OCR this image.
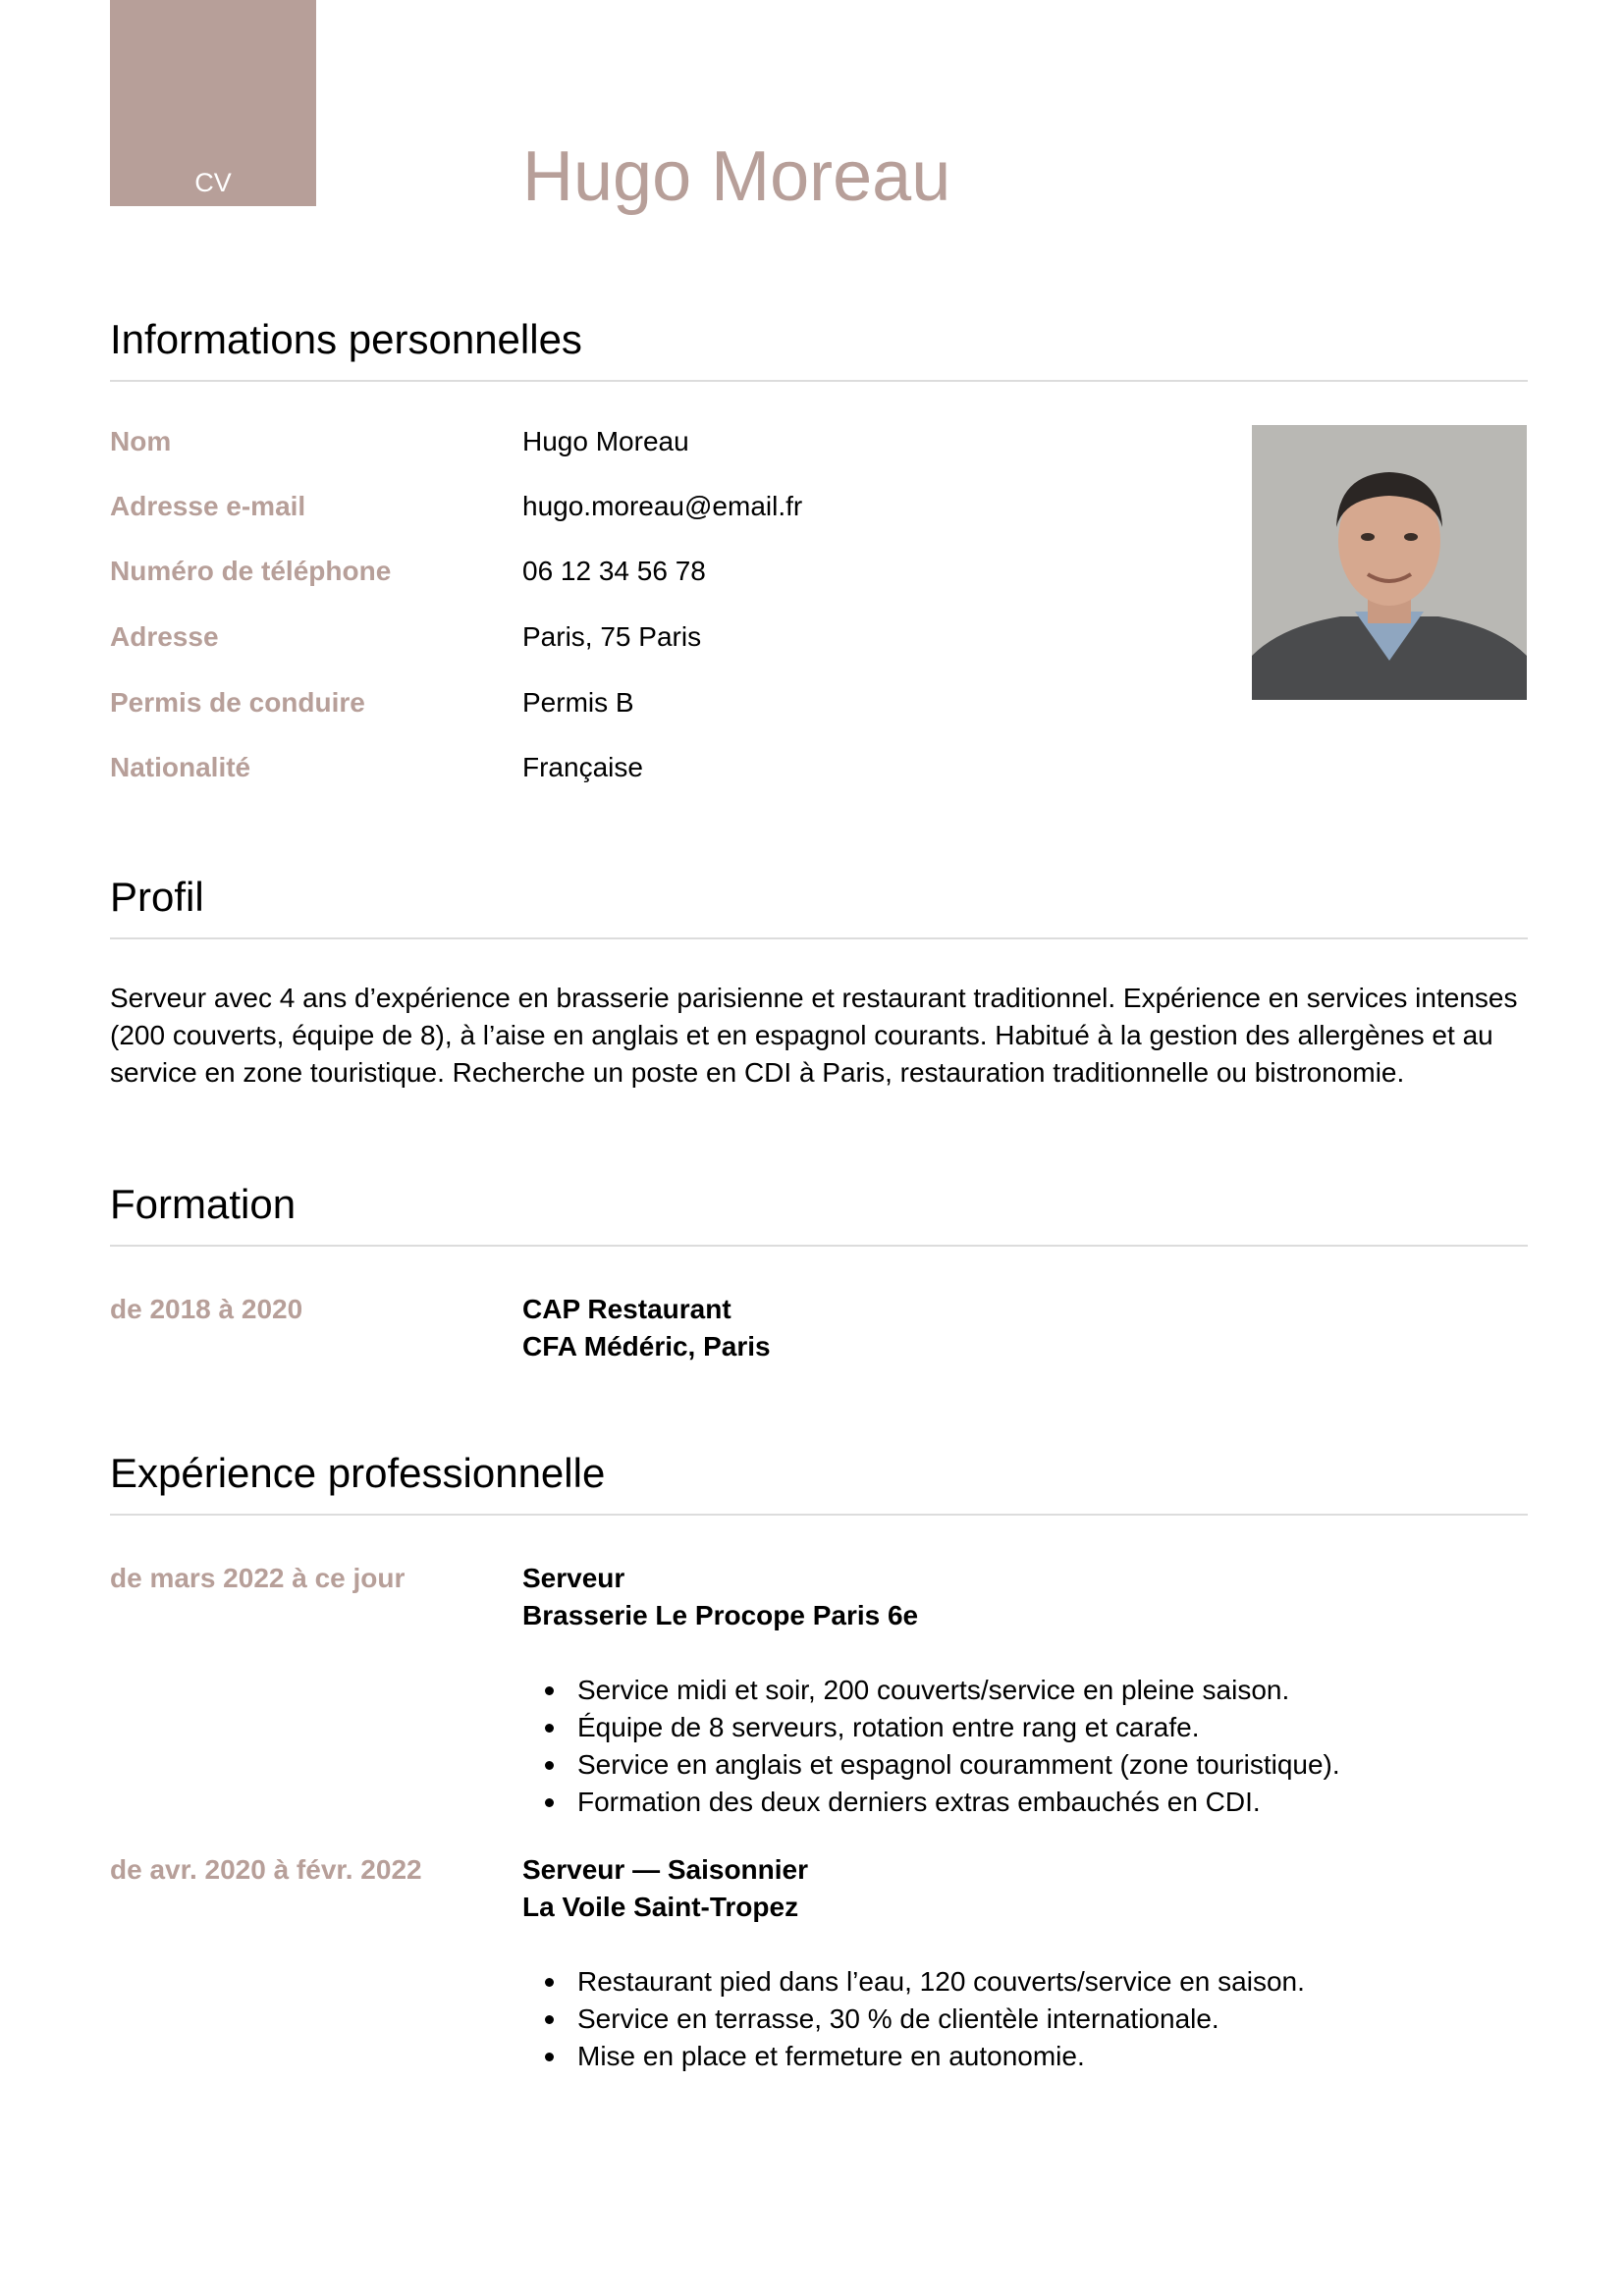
CV	Hugo Moreau
Informations personnelles
Nom	Hugo Moreau
Adresse e-mail	hugo.moreau@email.fr
Numéro de téléphone	06 12 34 56 78
Adresse	Paris, 75 Paris
Permis de conduire	Permis B
Nationalité	Française
Profil
Serveur avec 4 ans d’expérience en brasserie parisienne et restaurant traditionnel. Expérience en services intenses (200 couverts, équipe de 8), à l’aise en anglais et en espagnol courants. Habitué à la gestion des allergènes et au service en zone touristique. Recherche un poste en CDI à Paris, restauration traditionnelle ou bistronomie.
Formation
de 2018 à 2020	CAP Restaurant
CFA Médéric, Paris
Expérience professionnelle
de mars 2022 à ce jour	Serveur
Brasserie Le Procope Paris 6e
Service midi et soir, 200 couverts/service en pleine saison.
Équipe de 8 serveurs, rotation entre rang et carafe.
Service en anglais et espagnol couramment (zone touristique).
Formation des deux derniers extras embauchés en CDI.
de avr. 2020 à févr. 2022	Serveur — Saisonnier
La Voile Saint-Tropez
Restaurant pied dans l’eau, 120 couverts/service en saison.
Service en terrasse, 30 % de clientèle internationale.
Mise en place et fermeture en autonomie.
